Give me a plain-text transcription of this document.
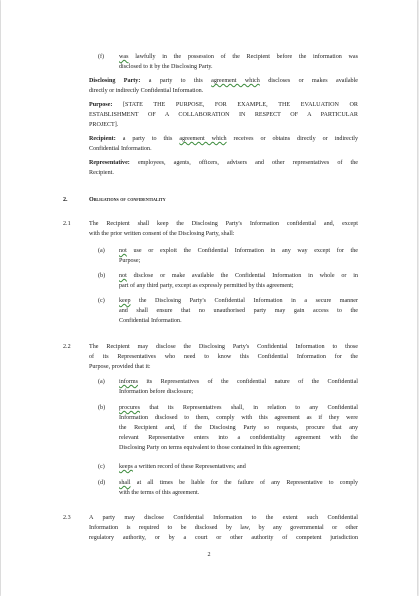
(f) was lawfully in the possession of the Recipient before the information was
disclosed to it by the Disclosing Party.
Disclosing Party: a party to this agreement which discloses or makes available
directly or indirectly Confidential Information.
Purpose: [STATE THE PURPOSE, FOR EXAMPLE, THE EVALUATION OR
ESTABLISHMENT OF A COLLABORATION IN RESPECT OF A PARTICULAR
PROJECT].
Recipient: a party to this agreement which receives or obtains directly or indirectly
Confidential Information.
Representative: employees, agents, officers, advisers and other representatives of the
Recipient.
2.	Obligations of confidentiality
2.1	The Recipient shall keep the Disclosing Party's Information confidential and, except
with the prior written consent of the Disclosing Party, shall:
(a) not use or exploit the Confidential Information in any way except for the
Purpose;
(b) not disclose or make available the Confidential Information in whole or in
part of any third party, except as expressly permitted by this agreement;
(c) keep the Disclosing Party's Confidential Information in a secure manner
and shall ensure that no unauthorised party may gain access to the
Confidential Information.
2.2	The Recipient may disclose the Disclosing Party's Confidential Information to those
of its Representatives who need to know this Confidential Information for the
Purpose, provided that it:
(a) informs its Representatives of the confidential nature of the Confidential
Information before disclosure;
(b) procures that its Representatives shall, in relation to any Confidential
Information disclosed to them, comply with this agreement as if they were
the Recipient and, if the Disclosing Party so requests, procure that any
relevant Representative enters into a confidentiality agreement with the
Disclosing Party on terms equivalent to those contained in this agreement;
(c) keeps a written record of these Representatives; and
(d) shall at all times be liable for the failure of any Representative to comply
with the terms of this agreement.
2.3	A party may disclose Confidential Information to the extent such Confidential
Information is required to be disclosed by law, by any governmental or other
regulatory authority, or by a court or other authority of competent jurisdiction
2
